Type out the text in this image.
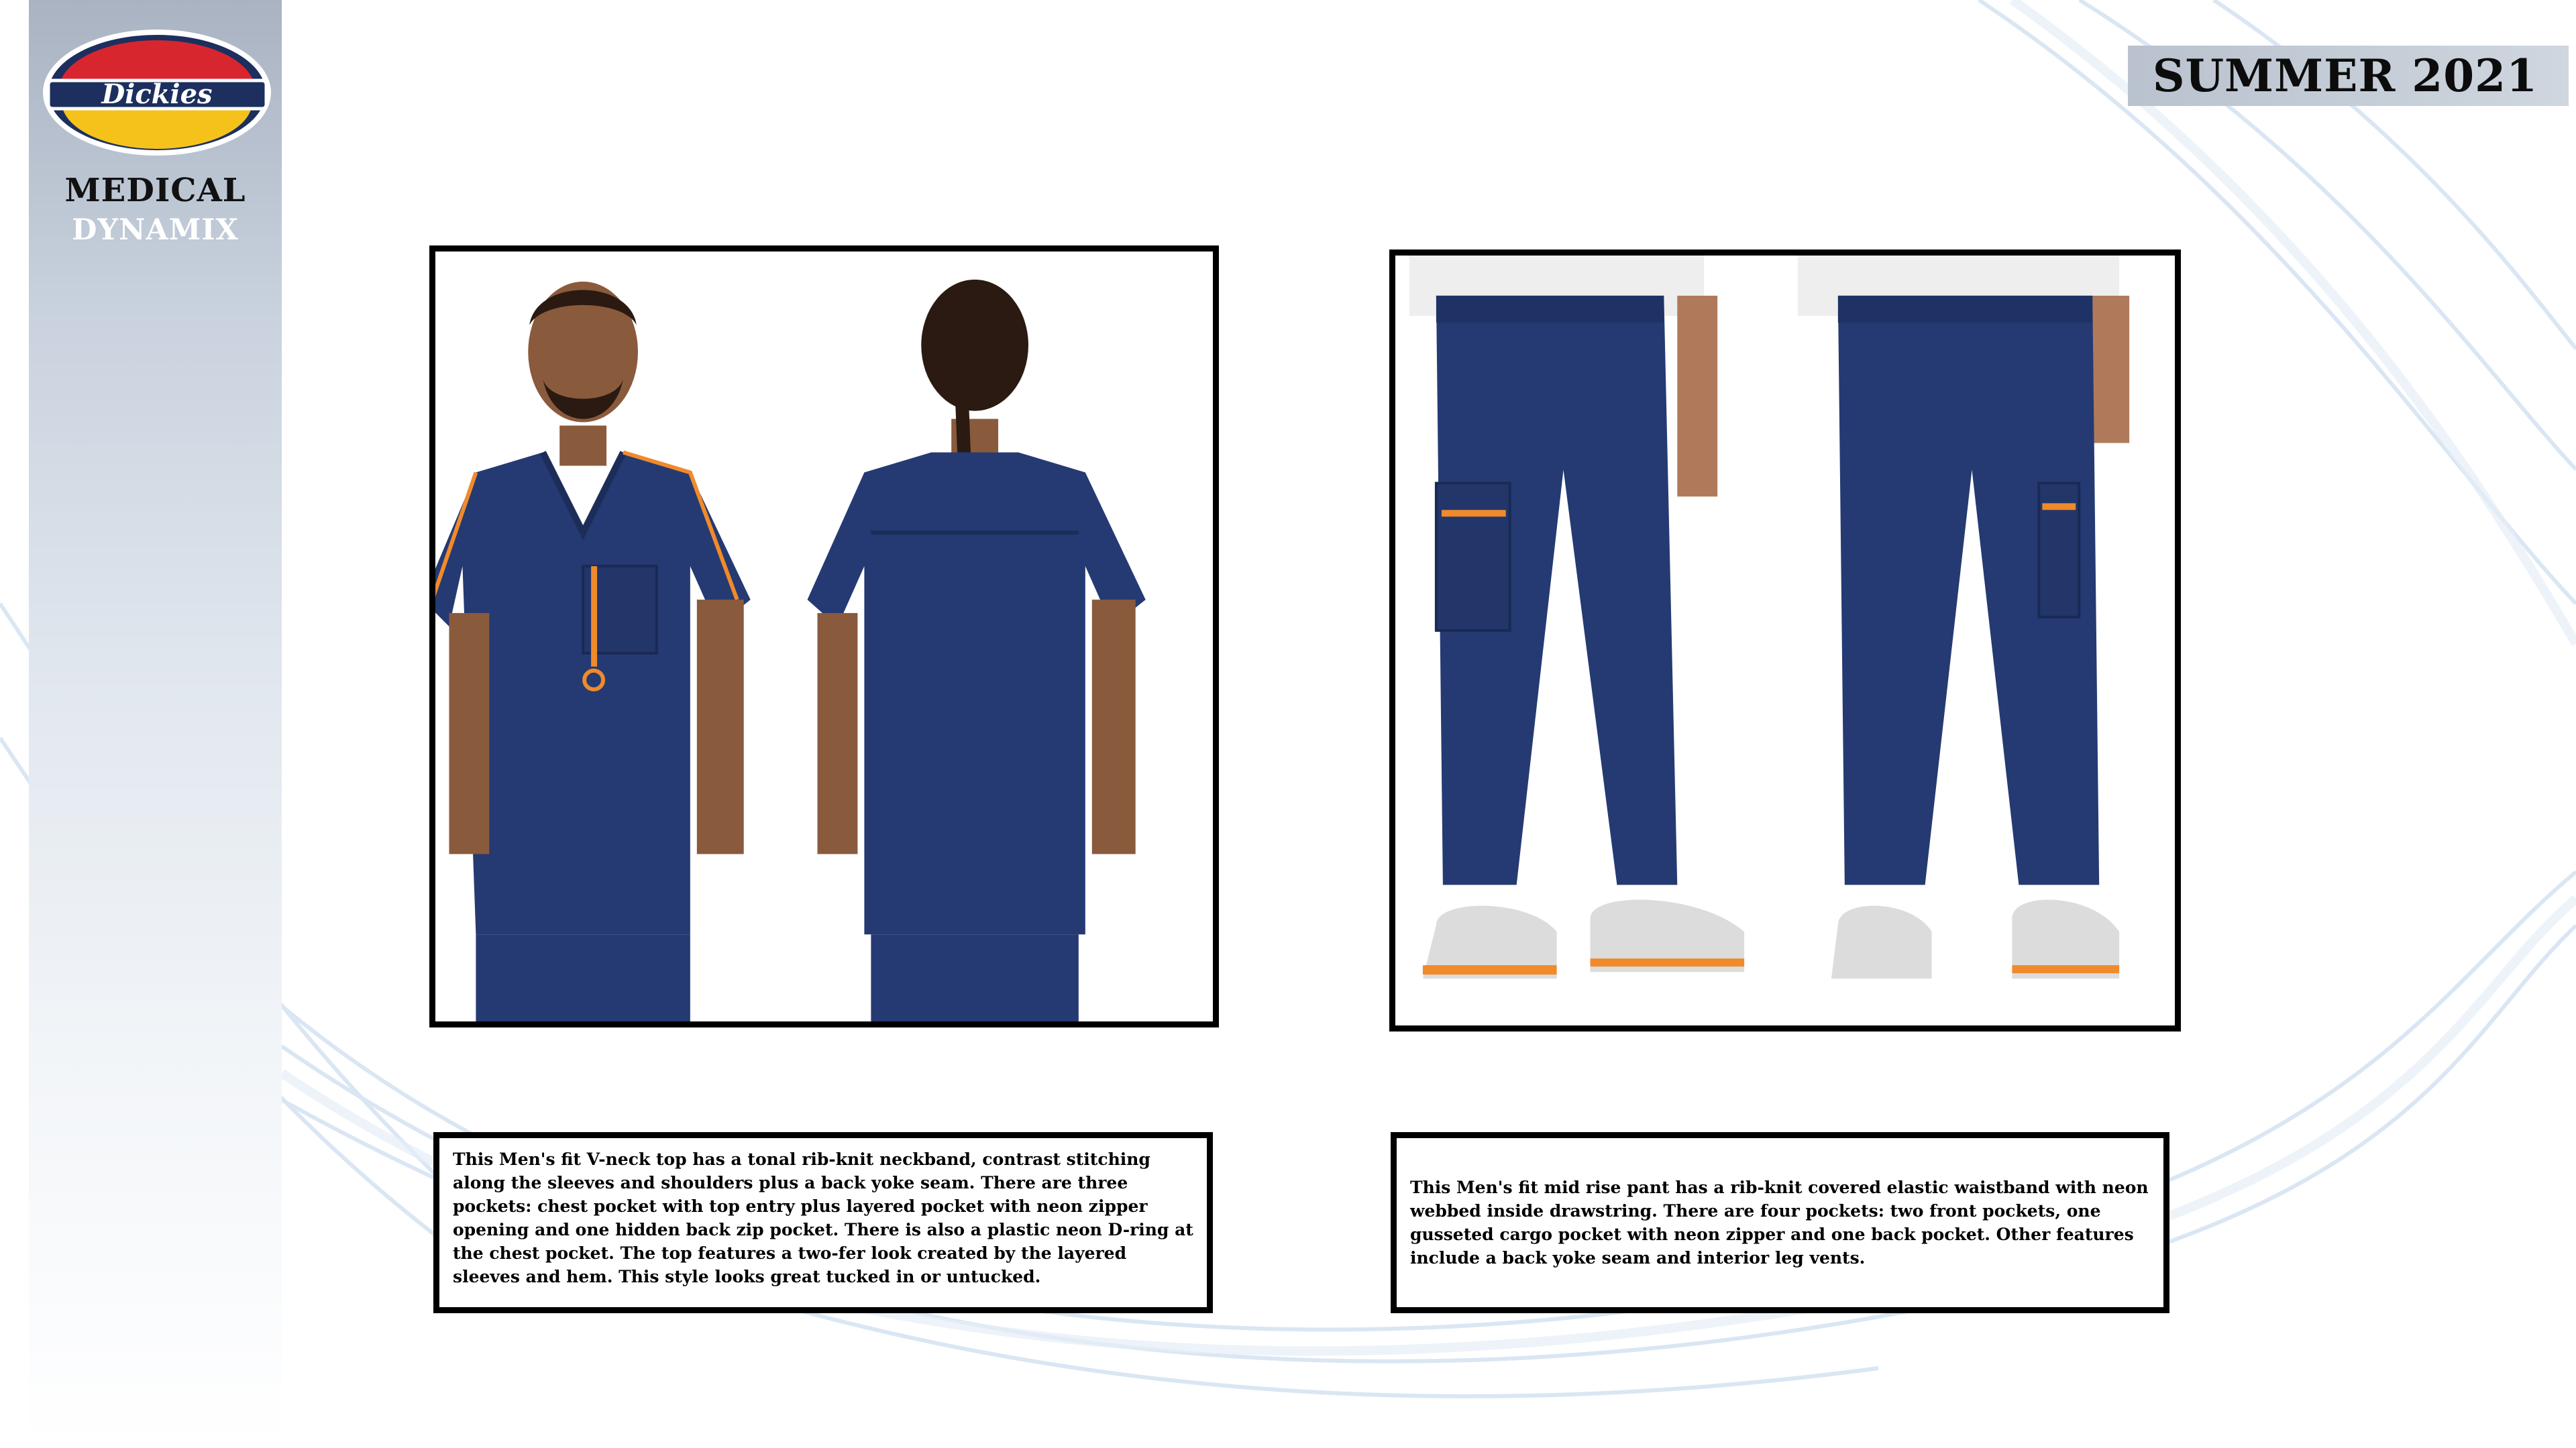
Dickies
MEDICAL
DYNAMIX
SUMMER 2021
This Men's fit V-neck top has a tonal rib-knit neckband, contrast stitching along the sleeves and shoulders plus a back yoke seam. There are three pockets: chest pocket with top entry plus layered pocket with neon zipper opening and one hidden back zip pocket. There is also a plastic neon D-ring at the chest pocket. The top features a two-fer look created by the layered sleeves and hem. This style looks great tucked in or untucked.
This Men's fit mid rise pant has a rib-knit covered elastic waistband with neon webbed inside drawstring. There are four pockets: two front pockets, one gusseted cargo pocket with neon zipper and one back pocket. Other features include a back yoke seam and interior leg vents.
